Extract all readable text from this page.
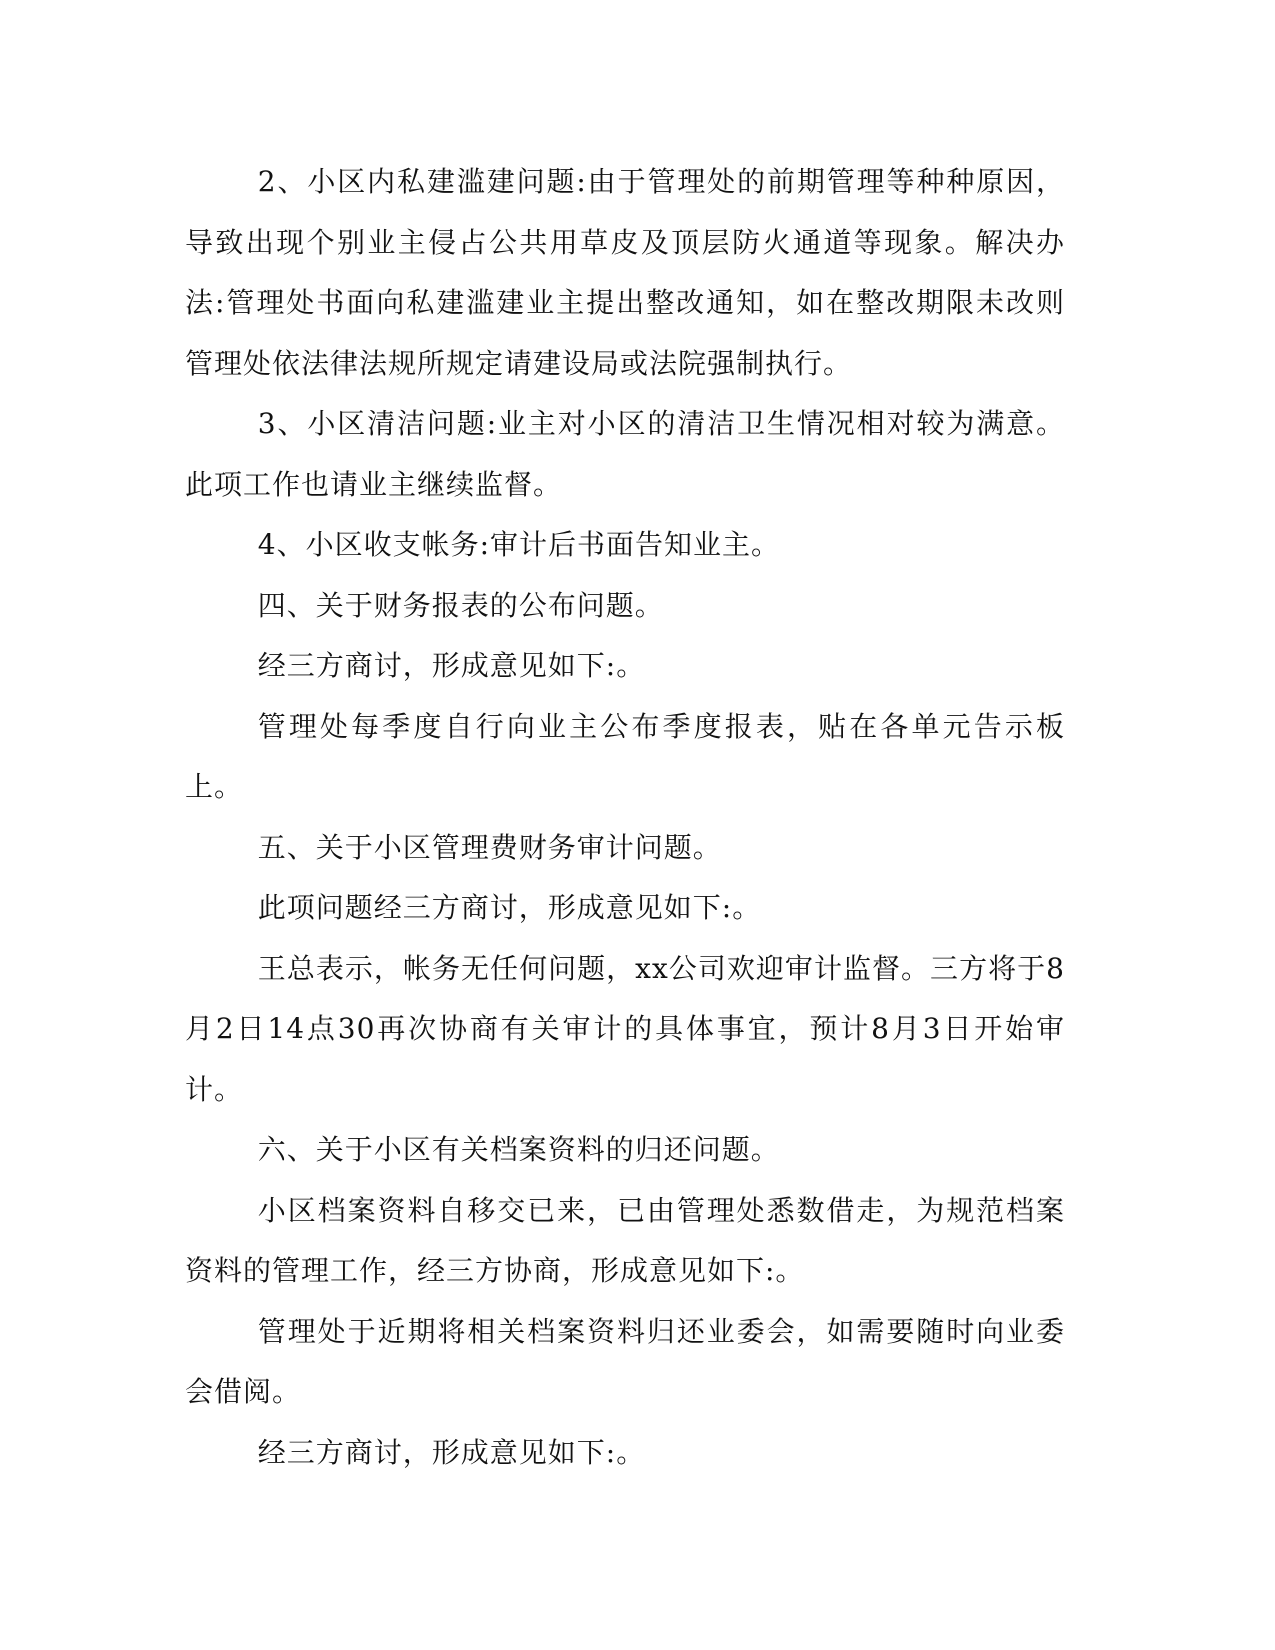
2、小区内私建滥建问题:由于管理处的前期管理等种种原因，导致出现个别业主侵占公共用草皮及顶层防火通道等现象。解决办法:管理处书面向私建滥建业主提出整改通知，如在整改期限未改则管理处依法律法规所规定请建设局或法院强制执行。

3、小区清洁问题:业主对小区的清洁卫生情况相对较为满意。此项工作也请业主继续监督。

4、小区收支帐务:审计后书面告知业主。

四、关于财务报表的公布问题。

经三方商讨，形成意见如下:。

管理处每季度自行向业主公布季度报表，贴在各单元告示板上。

五、关于小区管理费财务审计问题。

此项问题经三方商讨，形成意见如下:。

王总表示，帐务无任何问题，xx公司欢迎审计监督。三方将于8月2日14点30再次协商有关审计的具体事宜，预计8月3日开始审计。

六、关于小区有关档案资料的归还问题。

小区档案资料自移交已来，已由管理处悉数借走，为规范档案资料的管理工作，经三方协商，形成意见如下:。

管理处于近期将相关档案资料归还业委会，如需要随时向业委会借阅。

经三方商讨，形成意见如下:。
